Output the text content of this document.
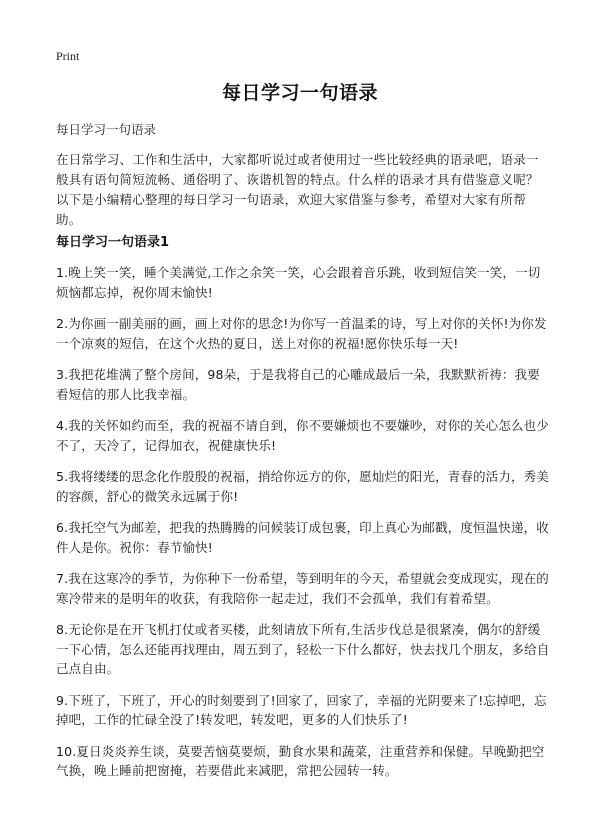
Print
每日学习一句语录
每日学习一句语录
在日常学习、工作和生活中，大家都听说过或者使用过一些比较经典的语录吧，语录一般具有语句简短流畅、通俗明了、诙谐机智的特点。什么样的语录才具有借鉴意义呢？以下是小编精心整理的每日学习一句语录，欢迎大家借鉴与参考，希望对大家有所帮助。
每日学习一句语录1
1.晚上笑一笑，睡个美满觉,工作之余笑一笑，心会跟着音乐跳，收到短信笑一笑，一切烦恼都忘掉，祝你周末愉快!
2.为你画一副美丽的画，画上对你的思念!为你写一首温柔的诗，写上对你的关怀!为你发一个凉爽的短信，在这个火热的夏日，送上对你的祝福!愿你快乐每一天!
3.我把花堆满了整个房间，98朵，于是我将自己的心雕成最后一朵，我默默祈祷：我要看短信的那人比我幸福。
4.我的关怀如约而至，我的祝福不请自到，你不要嫌烦也不要嫌吵，对你的关心怎么也少不了，天冷了，记得加衣，祝健康快乐!
5.我将缕缕的思念化作殷殷的祝福，捎给你远方的你，愿灿烂的阳光，青春的活力，秀美的容颜，舒心的微笑永远属于你!
6.我托空气为邮差，把我的热腾腾的问候装订成包裹，印上真心为邮戳，度恒温快递，收件人是你。祝你：春节愉快!
7.我在这寒冷的季节，为你种下一份希望，等到明年的今天，希望就会变成现实，现在的寒冷带来的是明年的收获，有我陪你一起走过，我们不会孤单，我们有着希望。
8.无论你是在开飞机打仗或者买楼，此刻请放下所有,生活步伐总是很紧凑，偶尔的舒缓一下心情，怎么还能再找理由，周五到了，轻松一下什么都好，快去找几个朋友，多给自己点自由。
9.下班了，下班了，开心的时刻要到了!回家了，回家了，幸福的光阴要来了!忘掉吧，忘掉吧，工作的忙碌全没了!转发吧，转发吧，更多的人们快乐了!
10.夏日炎炎养生谈，莫要苦恼莫要烦，勤食水果和蔬菜，注重营养和保健。早晚勤把空气换，晚上睡前把窗掩，若要借此来减肥，常把公园转一转。
